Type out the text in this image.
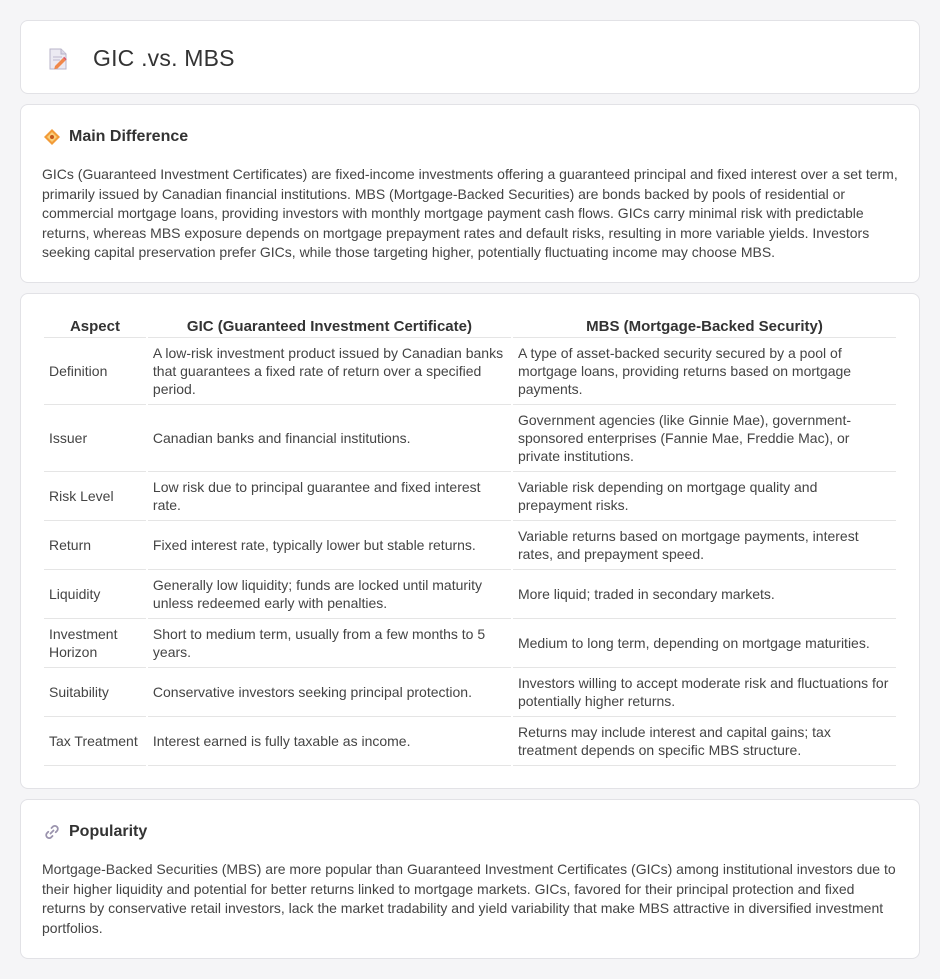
GIC .vs. MBS
Main Difference

GICs (Guaranteed Investment Certificates) are fixed-income investments offering a guaranteed principal and fixed interest over a set term, primarily issued by Canadian financial institutions. MBS (Mortgage-Backed Securities) are bonds backed by pools of residential or commercial mortgage loans, providing investors with monthly mortgage payment cash flows. GICs carry minimal risk with predictable returns, whereas MBS exposure depends on mortgage prepayment rates and default risks, resulting in more variable yields. Investors seeking capital preservation prefer GICs, while those targeting higher, potentially fluctuating income may choose MBS.

Aspect	GIC (Guaranteed Investment Certificate)	MBS (Mortgage-Backed Security)
Definition	A low-risk investment product issued by Canadian banks that guarantees a fixed rate of return over a specified period.	A type of asset-backed security secured by a pool of mortgage loans, providing returns based on mortgage payments.
Issuer	Canadian banks and financial institutions.	Government agencies (like Ginnie Mae), government-sponsored enterprises (Fannie Mae, Freddie Mac), or private institutions.
Risk Level	Low risk due to principal guarantee and fixed interest rate.	Variable risk depending on mortgage quality and prepayment risks.
Return	Fixed interest rate, typically lower but stable returns.	Variable returns based on mortgage payments, interest rates, and prepayment speed.
Liquidity	Generally low liquidity; funds are locked until maturity unless redeemed early with penalties.	More liquid; traded in secondary markets.
Investment Horizon	Short to medium term, usually from a few months to 5 years.	Medium to long term, depending on mortgage maturities.
Suitability	Conservative investors seeking principal protection.	Investors willing to accept moderate risk and fluctuations for potentially higher returns.
Tax Treatment	Interest earned is fully taxable as income.	Returns may include interest and capital gains; tax treatment depends on specific MBS structure.
Popularity

Mortgage-Backed Securities (MBS) are more popular than Guaranteed Investment Certificates (GICs) among institutional investors due to their higher liquidity and potential for better returns linked to mortgage markets. GICs, favored for their principal protection and fixed returns by conservative retail investors, lack the market tradability and yield variability that make MBS attractive in diversified investment portfolios.
